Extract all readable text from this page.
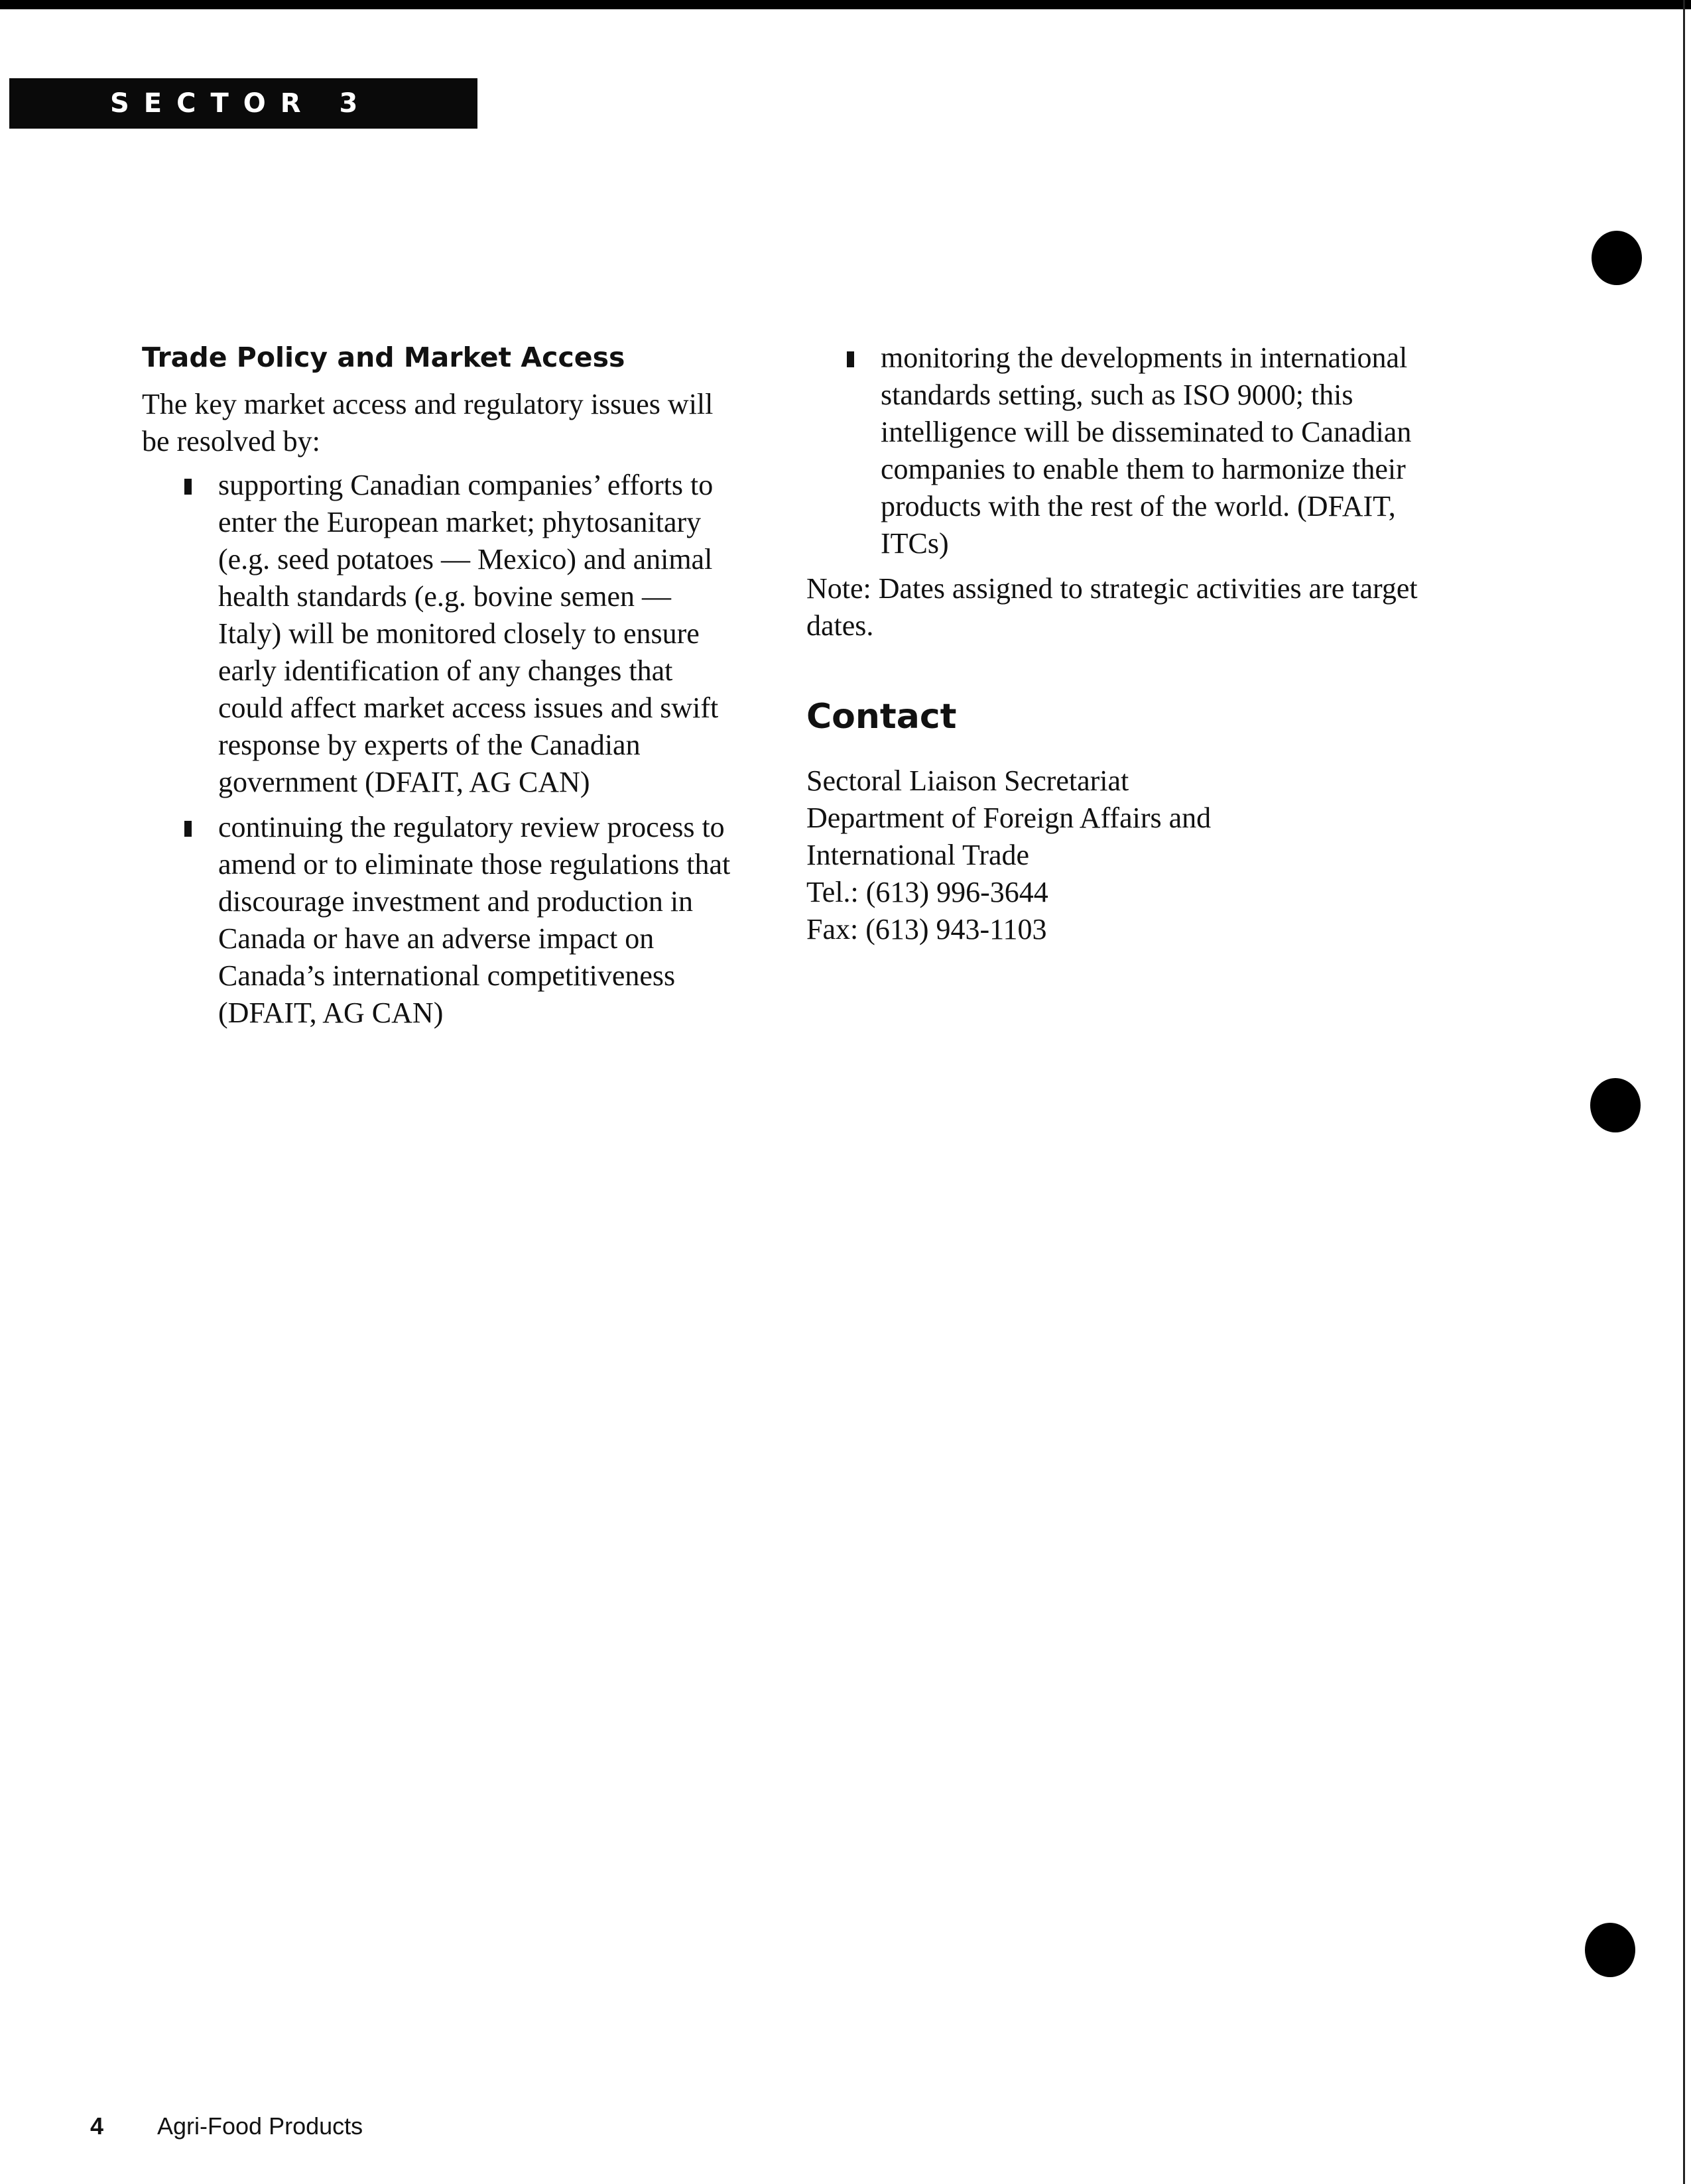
SECTOR 3
Trade Policy and Market Access

The key market access and regulatory issues will be resolved by:

supporting Canadian companies’ efforts to enter the European market; phytosanitary (e.g. seed potatoes — Mexico) and animal health standards (e.g. bovine semen — Italy) will be monitored closely to ensure early identification of any changes that could affect market access issues and swift response by experts of the Canadian government (DFAIT, AG CAN)
continuing the regulatory review process to amend or to eliminate those regulations that discourage investment and production in Canada or have an adverse impact on Canada’s international competitiveness (DFAIT, AG CAN)
monitoring the developments in international standards setting, such as ISO 9000; this intelligence will be disseminated to Canadian companies to enable them to harmonize their products with the rest of the world. (DFAIT, ITCs)

Note: Dates assigned to strategic activities are target dates.

Contact
Sectoral Liaison Secretariat
Department of Foreign Affairs and
International Trade
Tel.: (613) 996-3644
Fax: (613) 943-1103
4 Agri-Food Products
